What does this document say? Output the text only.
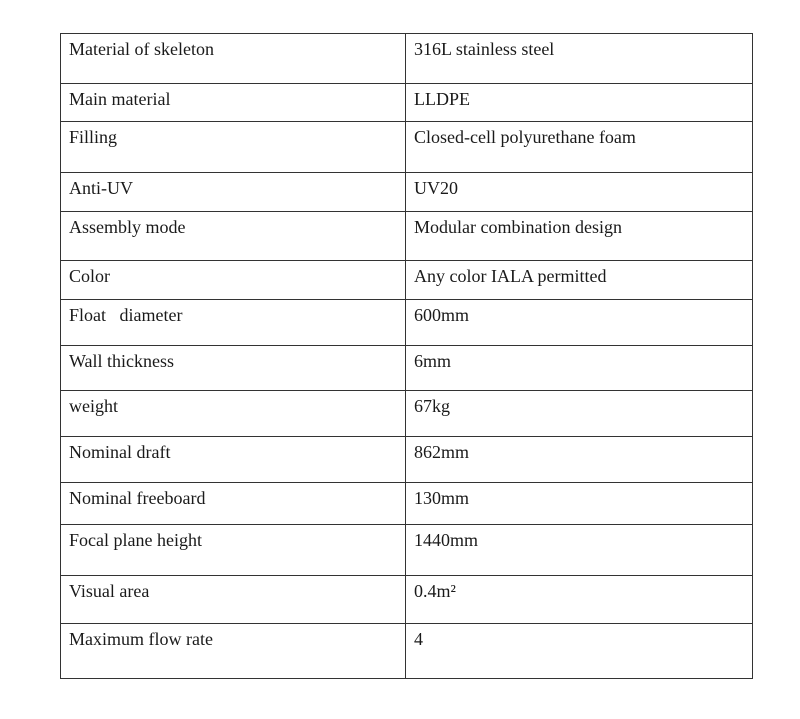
Material of skeleton	316L stainless steel
Main material	LLDPE
Filling	Closed-cell polyurethane foam
Anti-UV	UV20
Assembly mode	Modular combination design
Color	Any color IALA permitted
Float   diameter	600mm
Wall thickness	6mm
weight	67kg
Nominal draft	862mm
Nominal freeboard	130mm
Focal plane height	1440mm
Visual area	0.4m²
Maximum flow rate	4
